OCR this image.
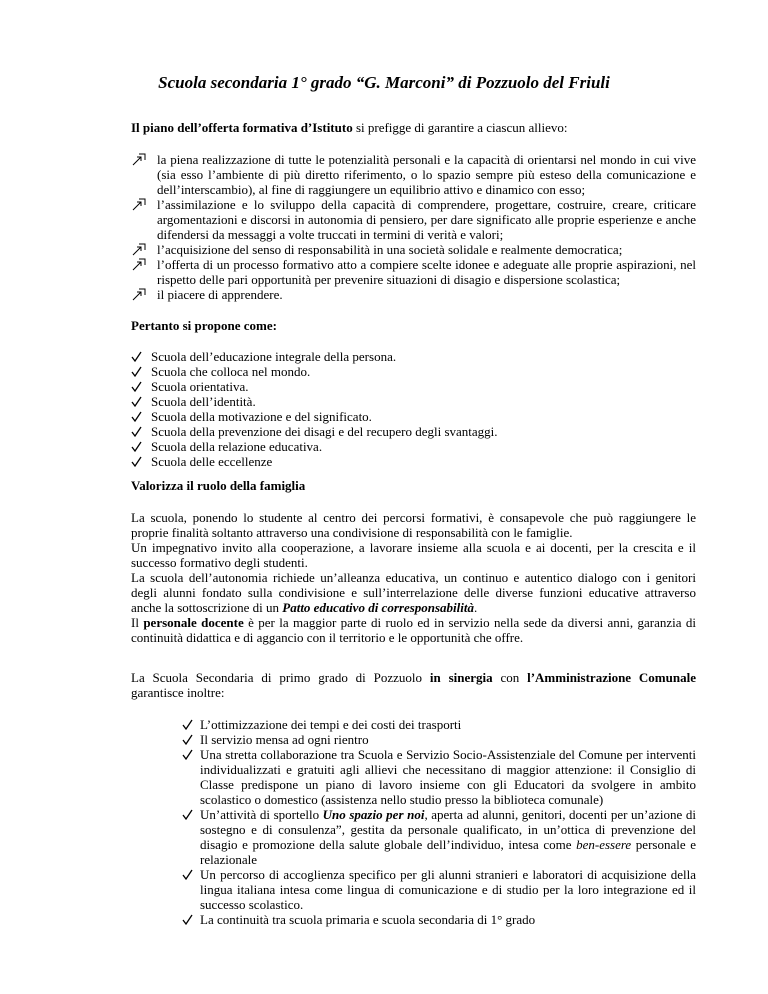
Scuola secondaria 1° grado “G. Marconi” di Pozzuolo del Friuli
Il piano dell’offerta formativa d’Istituto si prefigge di garantire a ciascun allievo:
la piena realizzazione di tutte le potenzialità personali e la capacità di orientarsi nel mondo in cui vive (sia esso l’ambiente di più diretto riferimento, o lo spazio sempre più esteso della comunicazione e dell’interscambio), al fine di raggiungere un equilibrio attivo e dinamico con esso;
l’assimilazione e lo sviluppo della capacità di comprendere, progettare, costruire, creare, criticare argomentazioni e discorsi in autonomia di pensiero, per dare significato alle proprie esperienze e anche difendersi da messaggi a volte truccati in termini di verità e valori;
l’acquisizione del senso di responsabilità in una società solidale e realmente democratica;
l’offerta di un processo formativo atto a compiere scelte idonee e adeguate alle proprie aspirazioni, nel rispetto delle pari opportunità per prevenire situazioni di disagio e dispersione scolastica;
il piacere di apprendere.
Pertanto si propone come:
Scuola dell’educazione integrale della persona.
Scuola che colloca nel mondo.
Scuola orientativa.
Scuola dell’identità.
Scuola della motivazione e del significato.
Scuola della prevenzione dei disagi e del recupero degli svantaggi.
Scuola della relazione educativa.
Scuola delle eccellenze
Valorizza il ruolo della famiglia
La scuola, ponendo lo studente al centro dei percorsi formativi, è consapevole che può raggiungere le proprie finalità soltanto attraverso una condivisione di responsabilità con le famiglie.
Un impegnativo invito alla cooperazione, a lavorare insieme alla scuola e ai docenti, per la crescita e il successo formativo degli studenti.
La scuola dell’autonomia richiede un’alleanza educativa, un continuo e autentico dialogo con i genitori degli alunni fondato sulla condivisione e sull’interrelazione delle diverse funzioni educative attraverso anche la sottoscrizione di un Patto educativo di corresponsabilità.
Il personale docente è per la maggior parte di ruolo ed in servizio nella sede da diversi anni, garanzia di continuità didattica e di aggancio con il territorio e le opportunità che offre.
La Scuola Secondaria di primo grado di Pozzuolo in sinergia con l’Amministrazione Comunale garantisce inoltre:
L’ottimizzazione dei tempi e dei costi dei trasporti
Il servizio mensa ad ogni rientro
Una stretta collaborazione tra Scuola e Servizio Socio-Assistenziale del Comune per interventi individualizzati e gratuiti agli allievi che necessitano di maggior attenzione: il Consiglio di Classe predispone un piano di lavoro insieme con gli Educatori da svolgere in ambito scolastico o domestico (assistenza nello studio presso la biblioteca comunale)
Un’attività di sportello Uno spazio per noi, aperta ad alunni, genitori, docenti per un’azione di sostegno e di consulenza”, gestita da personale qualificato, in un’ottica di prevenzione del disagio e promozione della salute globale dell’individuo, intesa come ben-essere personale e relazionale
Un percorso di accoglienza specifico per gli alunni stranieri e laboratori di acquisizione della lingua italiana intesa come lingua di comunicazione e di studio per la loro integrazione ed il successo scolastico.
La continuità tra scuola primaria e scuola secondaria di 1° grado
